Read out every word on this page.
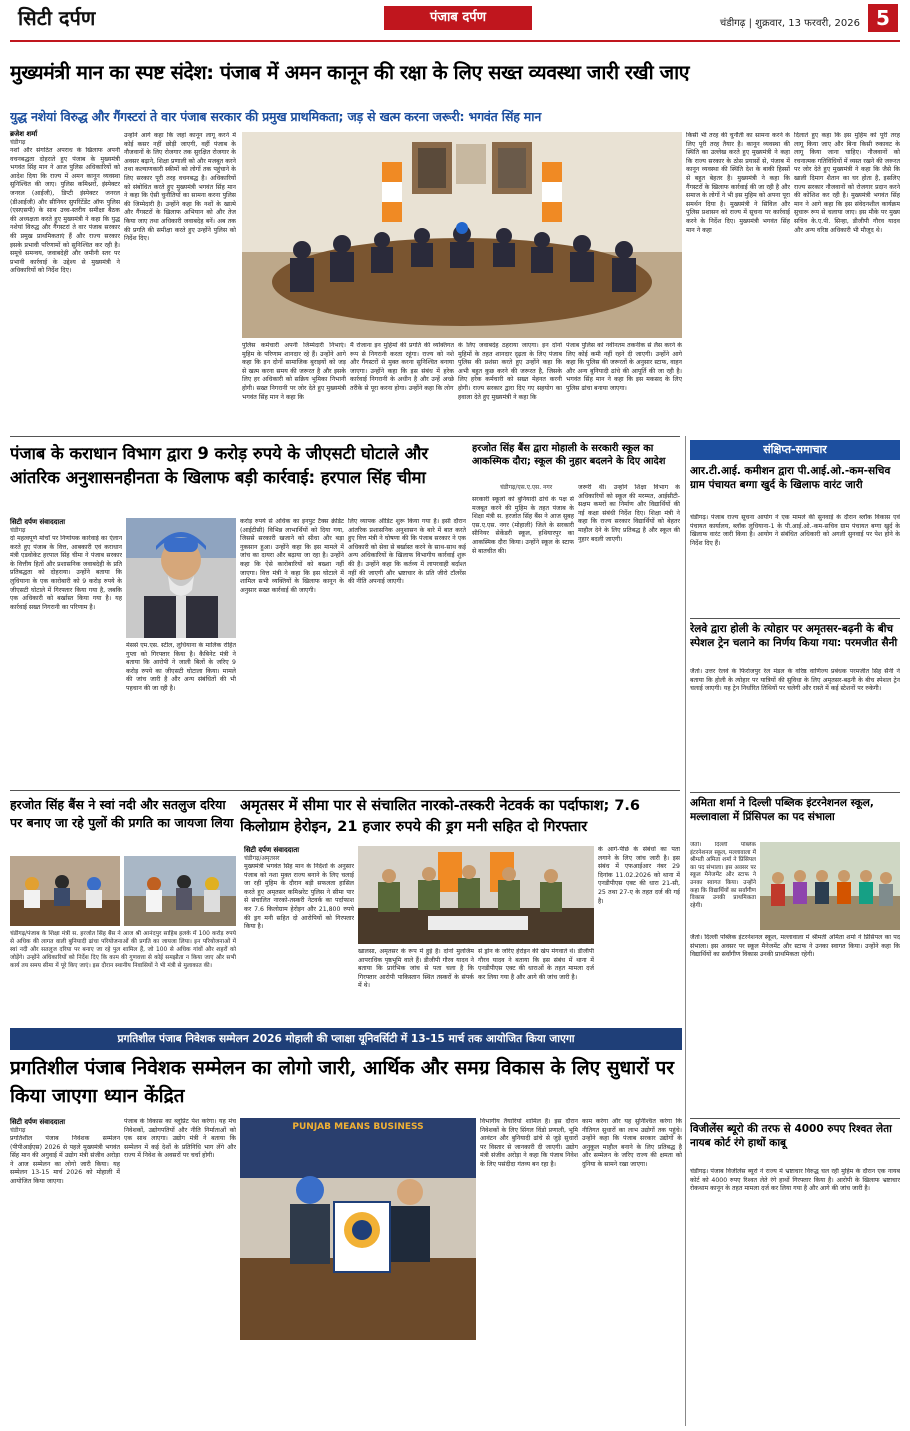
सिटी दर्पण	पंजाब दर्पण	चंडीगढ़ | शुक्रवार, 13 फरवरी, 2026 5
मुख्यमंत्री मान का स्पष्ट संदेश: पंजाब में अमन कानून की रक्षा के लिए सख्त व्यवस्था जारी रखी जाए
युद्ध नशेयां विरुद्ध और गैंगस्टरां ते वार पंजाब सरकार की प्रमुख प्राथमिकता; जड़ से खत्म करना जरूरी: भगवंत सिंह मान
ब्रजेश शर्मा
चंडीगढ़
नशों और संगठित अपराध के खिलाफ अपनी वचनबद्धता दोहराते हुए पंजाब के मुख्यमंत्री भगवंत सिंह मान ने आज पुलिस अधिकारियों को आदेश दिया कि राज्य में अमन कानून व्यवस्था सुनिश्चित की जाए। पुलिस कमिश्नरों, इंस्पेक्टर जनरल (आईजी), डिप्टी इंस्पेक्टर जनरल (डीआईजी) और सीनियर सुपरिंटेंडेंट ऑफ पुलिस (एसएसपी) के साथ उच्च-स्तरीय समीक्षा बैठक की अध्यक्षता करते हुए मुख्यमंत्री ने कहा कि युद्ध नशेयां विरुद्ध और गैंगस्टरां ते वार पंजाब सरकार की प्रमुख प्राथमिकताएं हैं और राज्य सरकार इसके प्रभावी परिणामों को सुनिश्चित कर रही है। समूचे समन्वय, जवाबदेही और जमीनी स्तर पर प्रभावी कार्रवाई के उद्देश्य से मुख्यमंत्री ने अधिकारियों को निर्देश दिए।
उन्होंने आगे कहा कि जहां कानून लागू करने में कोई कसर नहीं छोड़ी जाएगी, वहीं पंजाब के नौजवानों के लिए रोजगार तक सुरक्षित रोजगार के अवसर बढ़ाने, शिक्षा प्रणाली को और मजबूत करने तथा कल्याणकारी स्कीमों को लोगों तक पहुंचाने के लिए सरकार पूरी तरह वचनबद्ध है। अधिकारियों को संबोधित करते हुए मुख्यमंत्री भगवंत सिंह मान ने कहा कि ऐसी चुनौतियों का सामना करना पुलिस की जिम्मेदारी है। उन्होंने कहा कि नशों के खात्मे और गैंगस्टरों के खिलाफ अभियान को और तेज किया जाए तथा अधिकारी जवाबदेह बनें। अब तक की प्रगति की समीक्षा करते हुए उन्होंने पुलिस को निर्देश दिए।
पुलिस कर्मचारी अपनी जिम्मेदारी निभाएं। मुहिम के परिणाम शानदार रहे हैं। उन्होंने आगे कहा कि इन दोनों सामाजिक बुराइयों को जड़ से खत्म करना समय की जरूरत है और इसके लिए हर अधिकारी को सक्रिय भूमिका निभानी होगी। सख्त निगरानी पर जोर देते हुए मुख्यमंत्री भगवंत सिंह मान ने कहा कि
मैं रोजाना इन मुहिमों की प्रगति की व्यक्तिगत रूप से निगरानी करता रहूंगा। राज्य को नशे और गैंगस्टरों से मुक्त करना सुनिश्चित बनाया जाएगा। उन्होंने कहा कि इस संबंध में हरेक कार्रवाई निगरानी के अधीन है और उन्हें अच्छे तरीके से पूरा करना होगा। उन्होंने कहा कि लोग
के लिए जवाबदेह ठहराया जाएगा। इन दोनों मुहिमों के तहत शानदार दृढ़ता के लिए पंजाब पुलिस की प्रशंसा करते हुए उन्होंने कहा कि अभी बहुत कुछ करने की जरूरत है, जिसके लिए हरेक कर्मचारी को सख्त मेहनत करनी होगी। राज्य सरकार द्वारा दिए गए सहयोग का हवाला देते हुए मुख्यमंत्री ने कहा कि
पंजाब पुलिस को नवीनतम तकनीक से लैस करने के लिए कोई कमी नहीं रहने दी जाएगी। उन्होंने आगे कहा कि पुलिस की जरूरतों के अनुसार स्टाफ, वाहन और अन्य बुनियादी ढांचे की आपूर्ति की जा रही है। भगवंत सिंह मान ने कहा कि इस मकसद के लिए पुलिस ढांचा बनाया जाएगा।
किसी भी तरह की चुनौती का सामना करने के लिए पूरी तरह तैयार है। कानून व्यवस्था की स्थिति का उल्लेख करते हुए मुख्यमंत्री ने कहा कि राज्य सरकार के ठोस प्रयासों से, पंजाब में कानून व्यवस्था की स्थिति देश के बाकी हिस्सों से बहुत बेहतर है। मुख्यमंत्री ने कहा कि गैंगस्टरों के खिलाफ कार्रवाई की जा रही है और समाज के लोगों ने भी इस मुहिम को अपना पूरा समर्थन दिया है। मुख्यमंत्री ने सिविल और पुलिस प्रशासन को राज्य में सूचना पर कार्रवाई करने के निर्देश दिए। मुख्यमंत्री भगवंत सिंह मान ने कहा
दिलाते हुए कहा कि इस मुहिम को पूरी तरह लागू किया जाए और बिना किसी रुकावट के लागू किया जाना चाहिए। नौजवानों को रचनात्मक गतिविधियों में व्यस्त रखने की जरूरत पर जोर देते हुए मुख्यमंत्री ने कहा कि जैसे कि खाली दिमाग शैतान का घर होता है, इसलिए राज्य सरकार नौजवानों को रोजगार प्रदान करने की कोशिश कर रही है। मुख्यमंत्री भगवंत सिंह मान ने आगे कहा कि इस संवेदनशील कार्यक्रम सुचारू रूप से चलाया जाए। इस मौके पर मुख्य सचिव के.ए.पी. सिन्हा, डीजीपी गौरव यादव और अन्य वरिष्ठ अधिकारी भी मौजूद थे।
पंजाब के कराधान विभाग द्वारा 9 करोड़ रुपये के जीएसटी घोटाले और आंतरिक अनुशासनहीनता के खिलाफ बड़ी कार्रवाई: हरपाल सिंह चीमा
सिटी दर्पण संवाददाता
चंडीगढ़
दो महत्वपूर्ण मोर्चों पर निर्णायक कार्रवाई का ऐलान करते हुए पंजाब के वित्त, आबकारी एवं कराधान मंत्री एडवोकेट हरपाल सिंह चीमा ने पंजाब सरकार के वित्तीय हितों और प्रशासनिक जवाबदेही के प्रति प्रतिबद्धता को दोहराया। उन्होंने बताया कि लुधियाना के एक कारोबारी को 9 करोड़ रुपये के जीएसटी घोटाले में गिरफ्तार किया गया है, जबकि एक अधिकारी को बर्खास्त किया गया है। यह कार्रवाई सख्त निगरानी का परिणाम है।
मेसर्स एम.एस. स्टील, लुधियाना के मालिक रोहित गुप्ता को गिरफ्तार किया है। कैबिनेट मंत्री ने बताया कि आरोपी ने जाली बिलों के जरिए 9 करोड़ रुपये का जीएसटी घोटाला किया। मामले की जांच जारी है और अन्य संबंधितों की भी पहचान की जा रही है।
करोड़ रुपये से अधिक का इनपुट टैक्स क्रेडिट (आईटीसी) विभिन्न लाभार्थियों को दिया गया, जिससे सरकारी खजाने को सीधा और बड़ा नुकसान हुआ। उन्होंने कहा कि इस मामले में जांच का दायरा और बढ़ाया जा रहा है। उन्होंने कहा कि ऐसे कारोबारियों को बख्शा नहीं जाएगा। वित्त मंत्री ने कहा कि इस घोटाले में शामिल सभी व्यक्तियों के खिलाफ कानून के अनुसार सख्त कार्रवाई की जाएगी।
लिए व्यापक ऑडिट शुरू किया गया है। इसी दौरान आंतरिक प्रशासनिक अनुशासन के बारे में बात करते हुए वित्त मंत्री ने घोषणा की कि पंजाब सरकार ने एक अधिकारी को सेवा से बर्खास्त करने के साथ-साथ कई अन्य अधिकारियों के खिलाफ विभागीय कार्रवाई शुरू की है। उन्होंने कहा कि कर्तव्य में लापरवाही बर्दाश्त नहीं की जाएगी और भ्रष्टाचार के प्रति जीरो टॉलरेंस की नीति अपनाई जाएगी।
हरजोत सिंह बैंस द्वारा मोहाली के सरकारी स्कूल का आकस्मिक दौरा; स्कूल की नुहार बदलने के दिए आदेश
चंडीगढ़/एस.ए.एस. नगर
सरकारी स्कूलों को बुनियादी ढांचे के पक्ष से मजबूत करने की मुहिम के तहत पंजाब के शिक्षा मंत्री स. हरजोत सिंह बैंस ने आज सुबह एस.ए.एस. नगर (मोहाली) जिले के सरकारी सीनियर सेकेंडरी स्कूल, हथियारपुर का आकस्मिक दौरा किया। उन्होंने स्कूल के स्टाफ से बातचीत की।
जरूरी थी। उन्होंने शिक्षा विभाग के अधिकारियों को स्कूल की मरम्मत, आईसीटी-सक्षम कमरों का निर्माण और विद्यार्थियों की नई कक्षा संबंधी निर्देश दिए। शिक्षा मंत्री ने कहा कि राज्य सरकार विद्यार्थियों को बेहतर माहौल देने के लिए प्रतिबद्ध है और स्कूल की नुहार बदली जाएगी।
हरजोत सिंह बैंस ने स्वां नदी और सतलुज दरिया पर बनाए जा रहे पुलों की प्रगति का जायजा लिया
चंडीगढ़/पंजाब के शिक्षा मंत्री स. हरजोत सिंह बैंस ने आज श्री आनंदपुर साहिब हलके में 100 करोड़ रुपये से अधिक की लागत वाली बुनियादी ढांचा परियोजनाओं की प्रगति का जायजा लिया। इन परियोजनाओं में स्वां नदी और सतलुज दरिया पर बनाए जा रहे पुल शामिल हैं, जो 100 से अधिक गांवों और शहरों को जोड़ेंगे। उन्होंने अधिकारियों को निर्देश दिए कि काम की गुणवत्ता से कोई समझौता न किया जाए और सभी कार्य तय समय सीमा में पूरे किए जाएं। इस दौरान स्थानीय निवासियों ने भी मंत्री से मुलाकात की।
अमृतसर में सीमा पार से संचालित नारको-तस्करी नेटवर्क का पर्दाफाश; 7.6 किलोग्राम हेरोइन, 21 हजार रुपये की ड्रग मनी सहित दो गिरफ्तार
सिटी दर्पण संवाददाता
चंडीगढ़/अमृतसर
मुख्यमंत्री भगवंत सिंह मान के निर्देशों के अनुसार पंजाब को नशा मुक्त राज्य बनाने के लिए चलाई जा रही मुहिम के दौरान बड़ी सफलता हासिल करते हुए अमृतसर कमिश्नरेट पुलिस ने सीमा पार से संचालित नारको-तस्करी नेटवर्क का पर्दाफाश कर 7.6 किलोग्राम हेरोइन और 21,800 रुपये की ड्रग मनी सहित दो आरोपियों को गिरफ्तार किया है।
खालसा, अमृतसर के रूप में हुई है। दोनों मुलजिम आपराधिक पृष्ठभूमि वाले हैं। डीजीपी गौरव यादव ने बताया कि प्रारंभिक जांच से पता चला है कि गिरफ्तार आरोपी पाकिस्तान स्थित तस्करों के संपर्क में थे।
से ड्रोन के जरिए हेरोइन की खेप मंगवाते थे। डीजीपी गौरव यादव ने बताया कि इस संबंध में थाना में एनडीपीएस एक्ट की धाराओं के तहत मामला दर्ज कर लिया गया है और आगे की जांच जारी है।
के आगे-पीछे के संबंधों का पता लगाने के लिए जांच जारी है। इस संबंध में एफआईआर नंबर 29 दिनांक 11.02.2026 को थाना में एनडीपीएस एक्ट की धारा 21-सी, 25 तथा 27-ए के तहत दर्ज की गई है।
प्रगतिशील पंजाब निवेशक सम्मेलन 2026 मोहाली की प्लाक्षा यूनिवर्सिटी में 13-15 मार्च तक आयोजित किया जाएगा
प्रगतिशील पंजाब निवेशक सम्मेलन का लोगो जारी, आर्थिक और समग्र विकास के लिए सुधारों पर किया जाएगा ध्यान केंद्रित
सिटी दर्पण संवाददाता
चंडीगढ़
प्रगतिशील पंजाब निवेशक सम्मेलन (पीपीआईएस) 2026 से पहले मुख्यमंत्री भगवंत सिंह मान की अगुवाई में उद्योग मंत्री संजीव अरोड़ा ने आज सम्मेलन का लोगो जारी किया। यह सम्मेलन 13-15 मार्च 2026 को मोहाली में आयोजित किया जाएगा।
पंजाब के विकास का ब्लूप्रिंट पेश करेगा। यह मंच निवेशकों, उद्योगपतियों और नीति निर्माताओं को एक साथ लाएगा। उद्योग मंत्री ने बताया कि सम्मेलन में कई देशों के प्रतिनिधि भाग लेंगे और राज्य में निवेश के अवसरों पर चर्चा होगी।
PUNJAB MEANS BUSINESS
विभागीय तैयारियां शामिल हैं। इस दौरान निवेशकों के लिए सिंगल विंडो प्रणाली, भूमि आवंटन और बुनियादी ढांचे से जुड़े सुधारों पर विस्तार से जानकारी दी जाएगी। उद्योग मंत्री संजीव अरोड़ा ने कहा कि पंजाब निवेश के लिए पसंदीदा गंतव्य बन रहा है।
काम करेगा और यह सुनिश्चित करेगा कि नीतिगत सुधारों का लाभ उद्योगों तक पहुंचे। उन्होंने कहा कि पंजाब सरकार उद्योगों के अनुकूल माहौल बनाने के लिए प्रतिबद्ध है और सम्मेलन के जरिए राज्य की क्षमता को दुनिया के सामने रखा जाएगा।
संक्षिप्त-समाचार
आर.टी.आई. कमीशन द्वारा पी.आई.ओ.-कम-सचिव ग्राम पंचायत बग्गा खुर्द के खिलाफ वारंट जारी
चंडीगढ़। पंजाब राज्य सूचना आयोग ने एक मामले की सुनवाई के दौरान ब्लॉक विकास एवं पंचायत कार्यालय, ब्लॉक लुधियाना-1 के पी.आई.ओ.-कम-सचिव ग्राम पंचायत बग्गा खुर्द के खिलाफ वारंट जारी किया है। आयोग ने संबंधित अधिकारी को अगली सुनवाई पर पेश होने के निर्देश दिए हैं।
रेलवे द्वारा होली के त्योहार पर अमृतसर-बढ़नी के बीच स्पेशल ट्रेन चलाने का निर्णय किया गया: परमजीत सैनी
जैतो। उत्तर रेलवे के फिरोजपुर रेल मंडल के वरिष्ठ वाणिज्य प्रबंधक परमजीत सिंह सैनी ने बताया कि होली के त्योहार पर यात्रियों की सुविधा के लिए अमृतसर-बढ़नी के बीच स्पेशल ट्रेन चलाई जाएगी। यह ट्रेन निर्धारित तिथियों पर चलेगी और रास्ते में कई स्टेशनों पर रुकेगी।
अमिता शर्मा ने दिल्ली पब्लिक इंटरनेशनल स्कूल, मल्लावाला में प्रिंसिपल का पद संभाला
जैतो। दिल्ली पब्लिक इंटरनेशनल स्कूल, मल्लावाला में श्रीमती अमिता शर्मा ने प्रिंसिपल का पद संभाला। इस अवसर पर स्कूल मैनेजमेंट और स्टाफ ने उनका स्वागत किया। उन्होंने कहा कि विद्यार्थियों का सर्वांगीण विकास उनकी प्राथमिकता रहेगी।
जैतो। दिल्ली पब्लिक इंटरनेशनल स्कूल, मल्लावाला में श्रीमती अमिता शर्मा ने प्रिंसिपल का पद संभाला। इस अवसर पर स्कूल मैनेजमेंट और स्टाफ ने उनका स्वागत किया। उन्होंने कहा कि विद्यार्थियों का सर्वांगीण विकास उनकी प्राथमिकता रहेगी।
विजीलेंस ब्यूरो की तरफ से 4000 रुपए रिश्वत लेता नायब कोर्ट रंगे हाथों काबू
चंडीगढ़। पंजाब विजीलेंस ब्यूरो ने राज्य में भ्रष्टाचार विरुद्ध चल रही मुहिम के दौरान एक नायब कोर्ट को 4000 रुपए रिश्वत लेते रंगे हाथों गिरफ्तार किया है। आरोपी के खिलाफ भ्रष्टाचार रोकथाम कानून के तहत मामला दर्ज कर लिया गया है और आगे की जांच जारी है।
